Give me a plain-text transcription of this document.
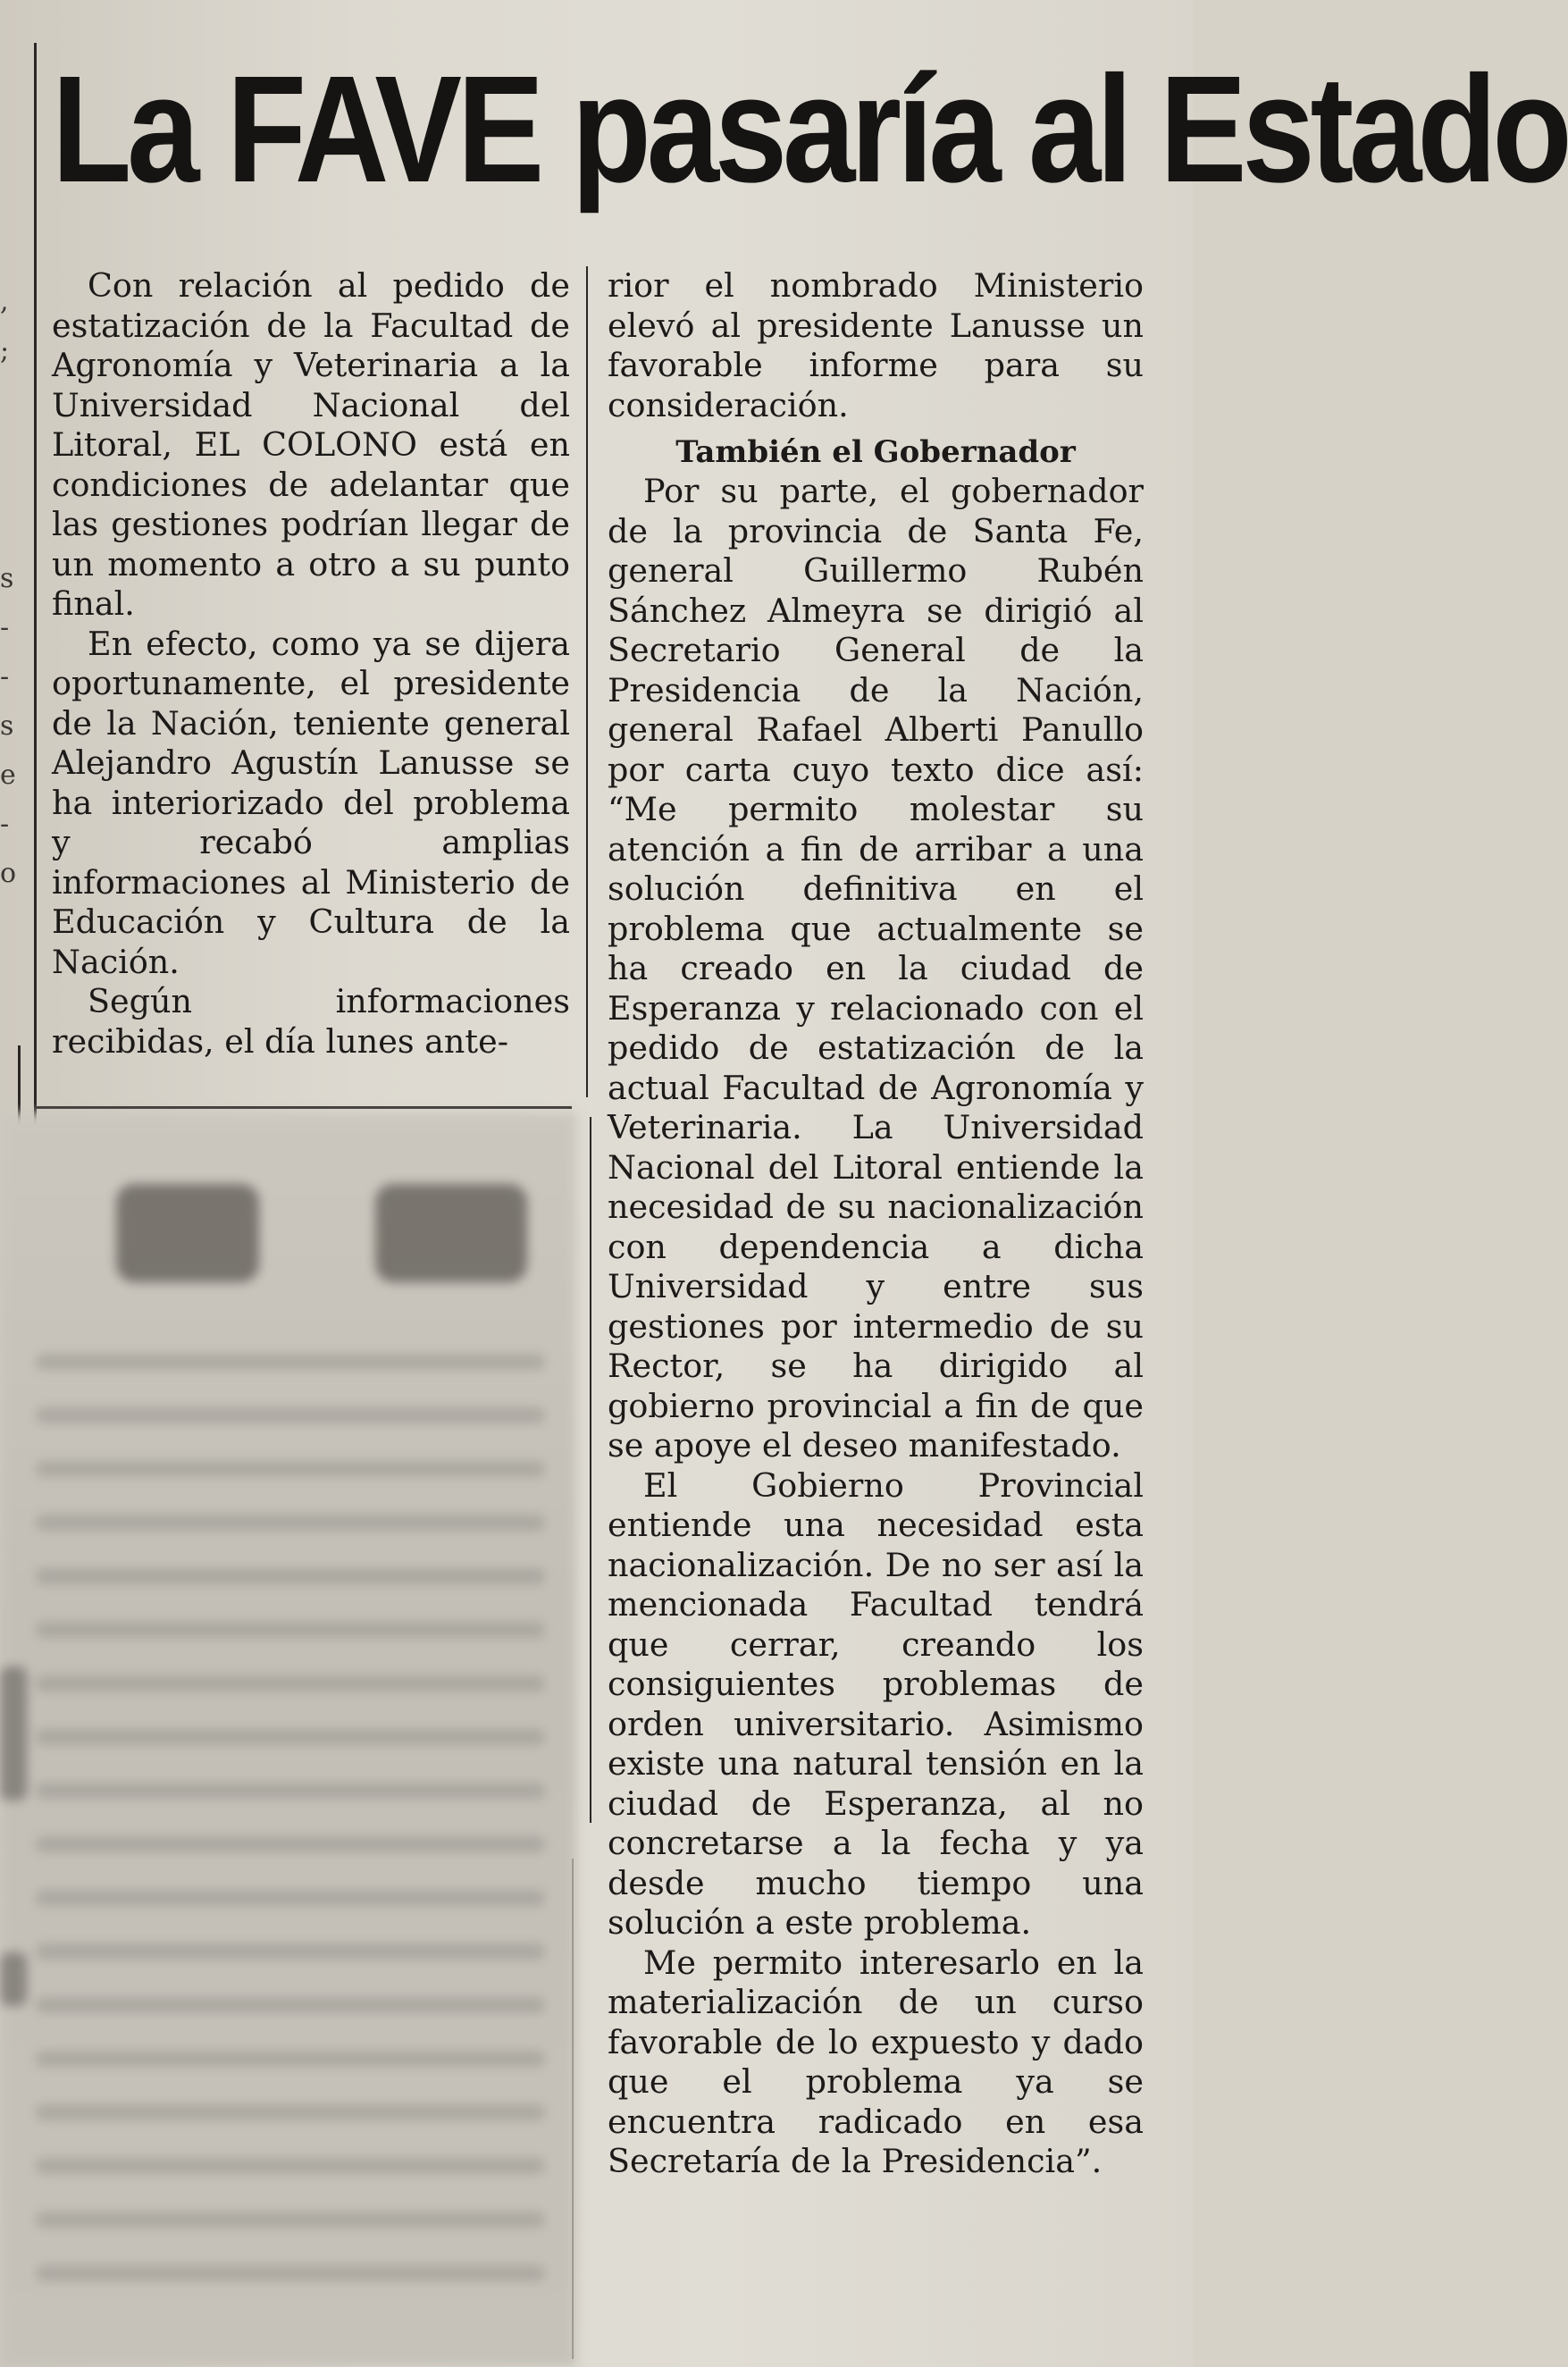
,
;
s
-
-
s
e
-
o
La FAVE pasaría al Estado

Con relación al pedido de estatización de la Facultad de Agronomía y Veterinaria a la Universidad Nacional del Litoral, EL COLONO está en condiciones de adelantar que las gestiones podrían llegar de un momento a otro a su punto final.

En efecto, como ya se dijera oportunamente, el presidente de la Nación, teniente general Alejandro Agustín Lanusse se ha interiorizado del problema y recabó amplias informaciones al Ministerio de Educación y Cultura de la Nación.

Según informaciones recibidas, el día lunes ante-

rior el nombrado Ministerio elevó al presidente Lanusse un favorable informe para su consideración.

También el Gobernador

Por su parte, el gobernador de la provincia de Santa Fe, general Guillermo Rubén Sánchez Almeyra se dirigió al Secretario General de la Presidencia de la Nación, general Rafael Alberti Panullo por carta cuyo texto dice así: “Me permito molestar su atención a fin de arribar a una solución definitiva en el problema que actualmente se ha creado en la ciudad de Esperanza y relacionado con el pedido de estatización de la actual Facultad de Agronomía y Veterinaria. La Universidad Nacional del Litoral entiende la necesidad de su nacionalización con dependencia a dicha Universidad y entre sus gestiones por intermedio de su Rector, se ha dirigido al gobierno provincial a fin de que se apoye el deseo manifestado.

El Gobierno Provincial entiende una necesidad esta nacionalización. De no ser así la mencionada Facultad tendrá que cerrar, creando los consiguientes problemas de orden universitario. Asimismo existe una natural tensión en la ciudad de Esperanza, al no concretarse a la fecha y ya desde mucho tiempo una solución a este problema.

Me permito interesarlo en la materialización de un curso favorable de lo expuesto y dado que el problema ya se encuentra radicado en esa Secretaría de la Presidencia”.
